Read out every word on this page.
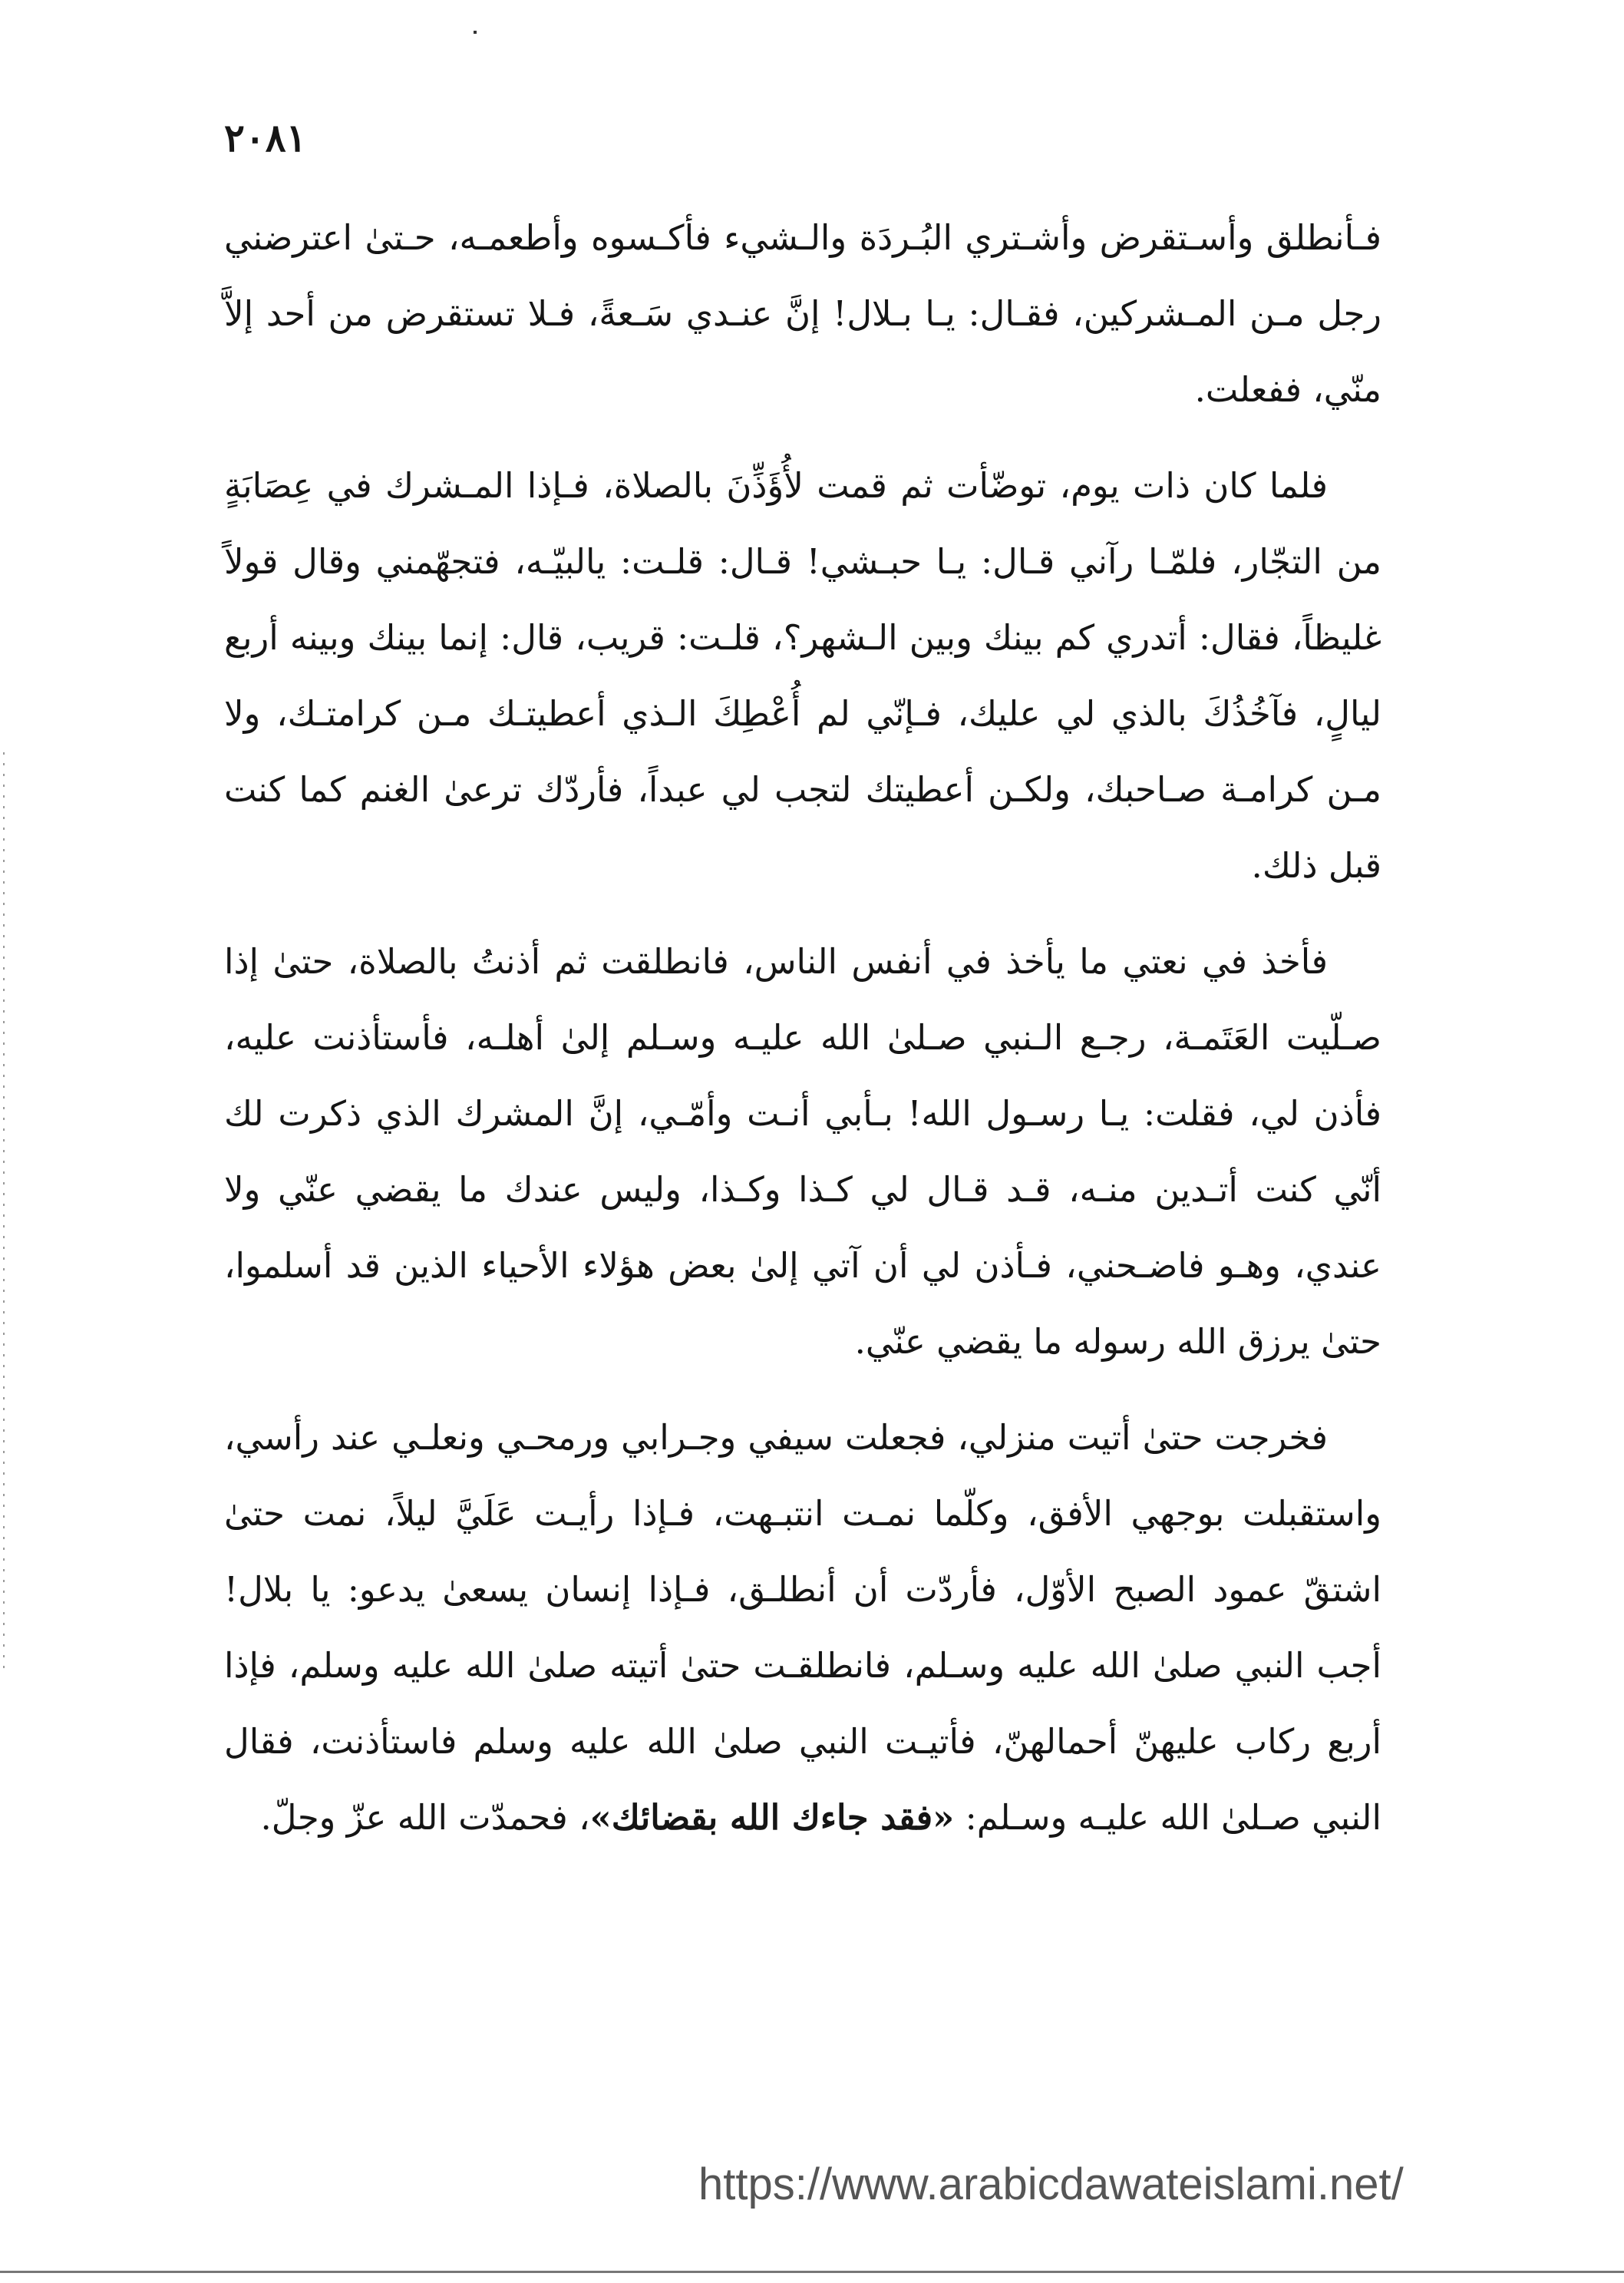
٢٠٨١

فـأنطلق وأسـتقرض وأشـتري البُـردَة والـشيء فأكـسوه وأطعمـه، حـتىٰ اعترضني رجل مـن المـشركين، فقـال: يـا بـلال! إنَّ عنـدي سَـعةً، فـلا تستقرض من أحد إلاَّ منّي، ففعلت.

فلما كان ذات يوم، توضّأت ثم قمت لأُؤَذِّنَ بالصلاة، فـإذا المـشرك في عِصَابَةٍ من التجّار، فلمّـا رآني قـال: يـا حبـشي! قـال: قلـت: يالبيّـه، فتجهّمني وقال قولاً غليظاً، فقال: أتدري كم بينك وبين الـشهر؟، قلـت: قريب، قال: إنما بينك وبينه أربع ليالٍ، فآخُذُكَ بالذي لي عليك، فـإنّي لم أُعْطِكَ الـذي أعطيتـك مـن كرامتـك، ولا مـن كرامـة صـاحبك، ولكـن أعطيتك لتجب لي عبداً، فأردّك ترعىٰ الغنم كما كنت قبل ذلك.

فأخذ في نعتي ما يأخذ في أنفس الناس، فانطلقت ثم أذنتُ بالصلاة، حتىٰ إذا صـلّيت العَتَمـة، رجـع الـنبي صـلىٰ الله عليـه وسـلم إلىٰ أهلـه، فأستأذنت عليه، فأذن لي، فقلت: يـا رسـول الله! بـأبي أنـت وأمّـي، إنَّ المشرك الذي ذكرت لك أنّي كنت أتـدين منـه، قـد قـال لي كـذا وكـذا، وليس عندك ما يقضي عنّي ولا عندي، وهـو فاضـحني، فـأذن لي أن آتي إلىٰ بعض هؤلاء الأحياء الذين قد أسلموا، حتىٰ يرزق الله رسوله ما يقضي عنّي.

فخرجت حتىٰ أتيت منزلي، فجعلت سيفي وجـرابي ورمحـي ونعلـي عند رأسي، واستقبلت بوجهي الأفق، وكلّما نمـت انتبـهت، فـإذا رأيـت عَلَيَّ ليلاً، نمت حتىٰ اشتقّ عمود الصبح الأوّل، فأردّت أن أنطلـق، فـإذا إنسان يسعىٰ يدعو: يا بلال! أجب النبي صلىٰ الله عليه وسـلم، فانطلقـت حتىٰ أتيته صلىٰ الله عليه وسلم، فإذا أربع ركاب عليهنّ أحمالهنّ، فأتيـت النبي صلىٰ الله عليه وسلم فاستأذنت، فقال النبي صـلىٰ الله عليـه وسـلم: «فقد جاءك الله بقضائك»، فحمدّت الله عزّ وجلّ.

https://www.arabicdawateislami.net/
